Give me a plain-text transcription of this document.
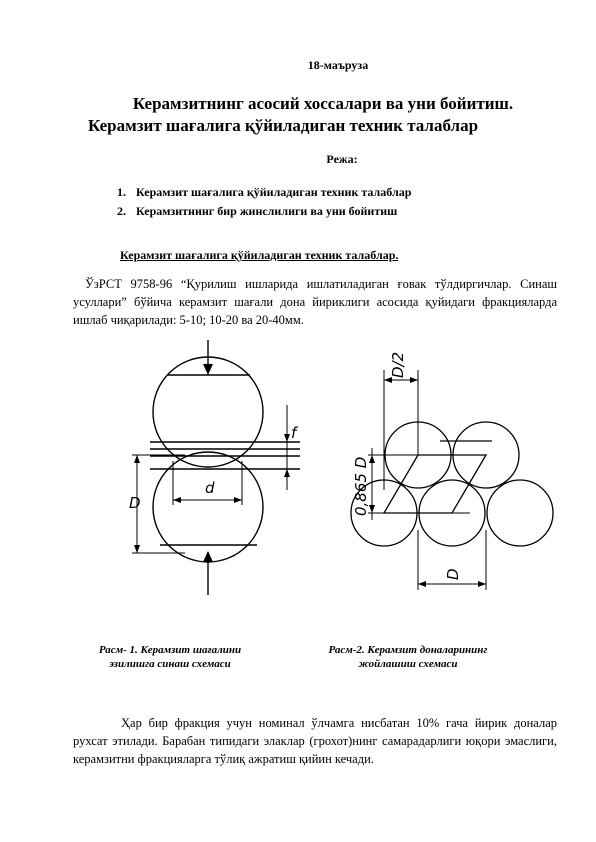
18-маъруза
Керамзитнинг асосий хоссалари ва уни бойитиш.
Керамзит шағалига қўйиладиган техник талаблар
Режа:
1. Керамзит шағалига қўйиладиган техник талаблар
2. Керамзитнинг бир жинслилиги ва уни бойитиш
Керамзит шағалига қўйиладиган техник талаблар.
ЎзРСТ 9758-96 “Қурилиш ишларида ишлатиладиган ғовак тўлдиргичлар. Синаш усуллари” бўйича керамзит шағали дона йириклиги асосида қуйидаги фракцияларда ишлаб чиқарилади: 5-10; 10-20 ва 20-40мм.
d
D
f
D/2
0,865 D
D
Расм- 1. Керамзит шағалини
эзилишга синаш схемаси
Расм-2. Керамзит доналарининг
жойлашиш схемаси
Ҳар бир фракция учун номинал ўлчамга нисбатан 10% гача йирик доналар рухсат этилади. Барабан типидаги элаклар (грохот)нинг самарадарлиги юқори эмаслиги, керамзитни фракцияларга тўлиқ ажратиш қийин кечади.
